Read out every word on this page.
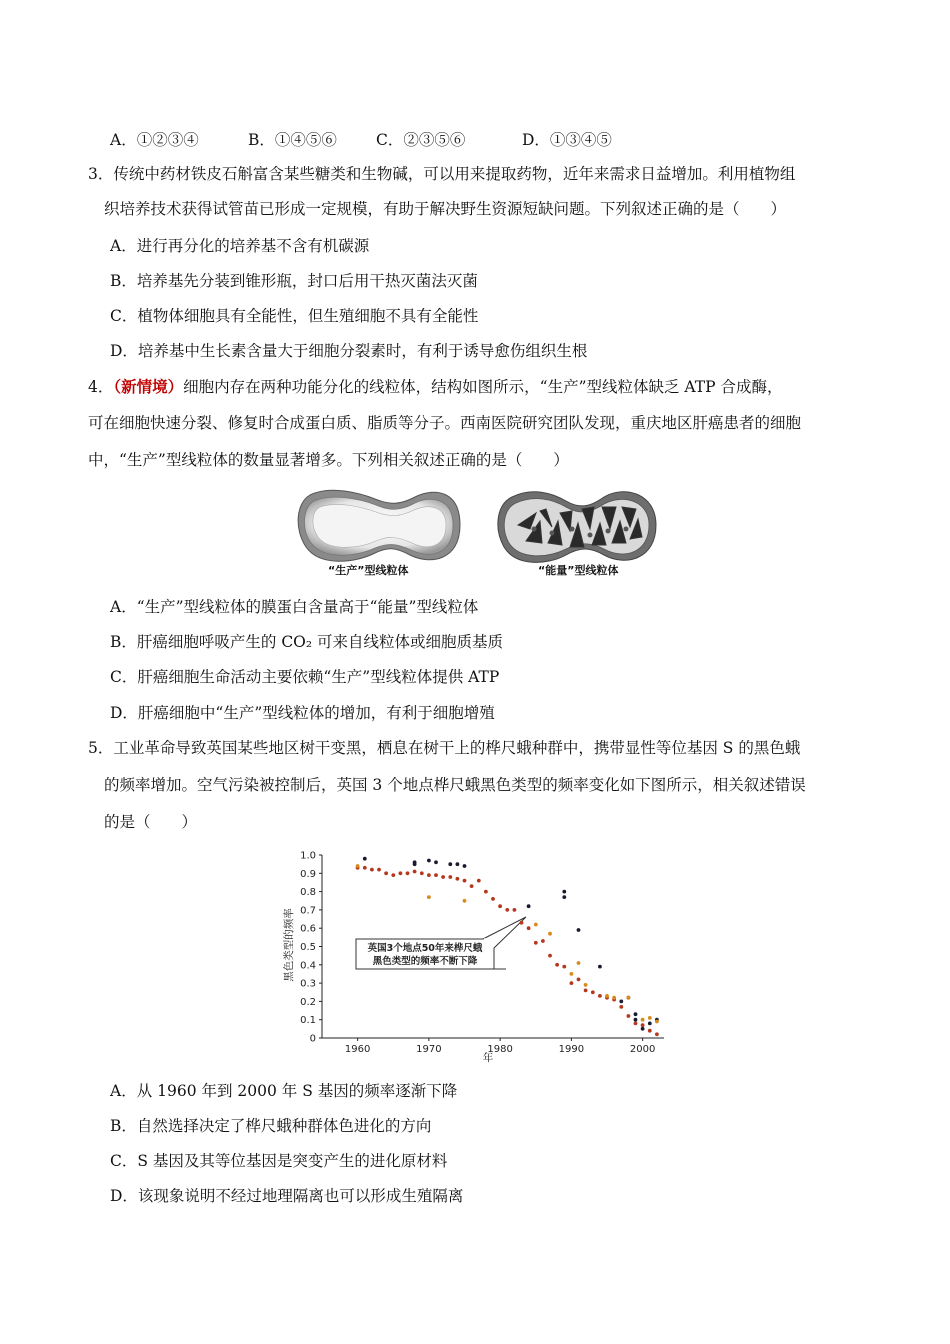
A．①②③④	B．①④⑤⑥	C．②③⑤⑥	D．①③④⑤
3．传统中药材铁皮石斛富含某些糖类和生物碱，可以用来提取药物，近年来需求日益增加。利用植物组
织培养技术获得试管苗已形成一定规模，有助于解决野生资源短缺问题。下列叙述正确的是（　　）
A．进行再分化的培养基不含有机碳源
B．培养基先分装到锥形瓶，封口后用干热灭菌法灭菌
C．植物体细胞具有全能性，但生殖细胞不具有全能性
D．培养基中生长素含量大于细胞分裂素时，有利于诱导愈伤组织生根
4．（新情境）细胞内存在两种功能分化的线粒体，结构如图所示，“生产”型线粒体缺乏 ATP 合成酶，
可在细胞快速分裂、修复时合成蛋白质、脂质等分子。西南医院研究团队发现，重庆地区肝癌患者的细胞
中，“生产”型线粒体的数量显著增多。下列相关叙述正确的是（　　）
“生产”型线粒体	“能量”型线粒体
A．“生产”型线粒体的膜蛋白含量高于“能量”型线粒体
B．肝癌细胞呼吸产生的 CO₂ 可来自线粒体或细胞质基质
C．肝癌细胞生命活动主要依赖“生产”型线粒体提供 ATP
D．肝癌细胞中“生产”型线粒体的增加，有利于细胞增殖
5．工业革命导致英国某些地区树干变黑，栖息在树干上的桦尺蛾种群中，携带显性等位基因 S 的黑色蛾
的频率增加。空气污染被控制后，英国 3 个地点桦尺蛾黑色类型的频率变化如下图所示，相关叙述错误
的是（　　）
0
0.1
0.2
0.3
0.4
0.5
0.6
0.7
0.8
0.9
1.0
1960	1970	1980	1990	2000
黑色类型的频率
年
英国3个地点50年来桦尺蛾
黑色类型的频率不断下降
A．从 1960 年到 2000 年 S 基因的频率逐渐下降
B．自然选择决定了桦尺蛾种群体色进化的方向
C．S 基因及其等位基因是突变产生的进化原材料
D．该现象说明不经过地理隔离也可以形成生殖隔离
